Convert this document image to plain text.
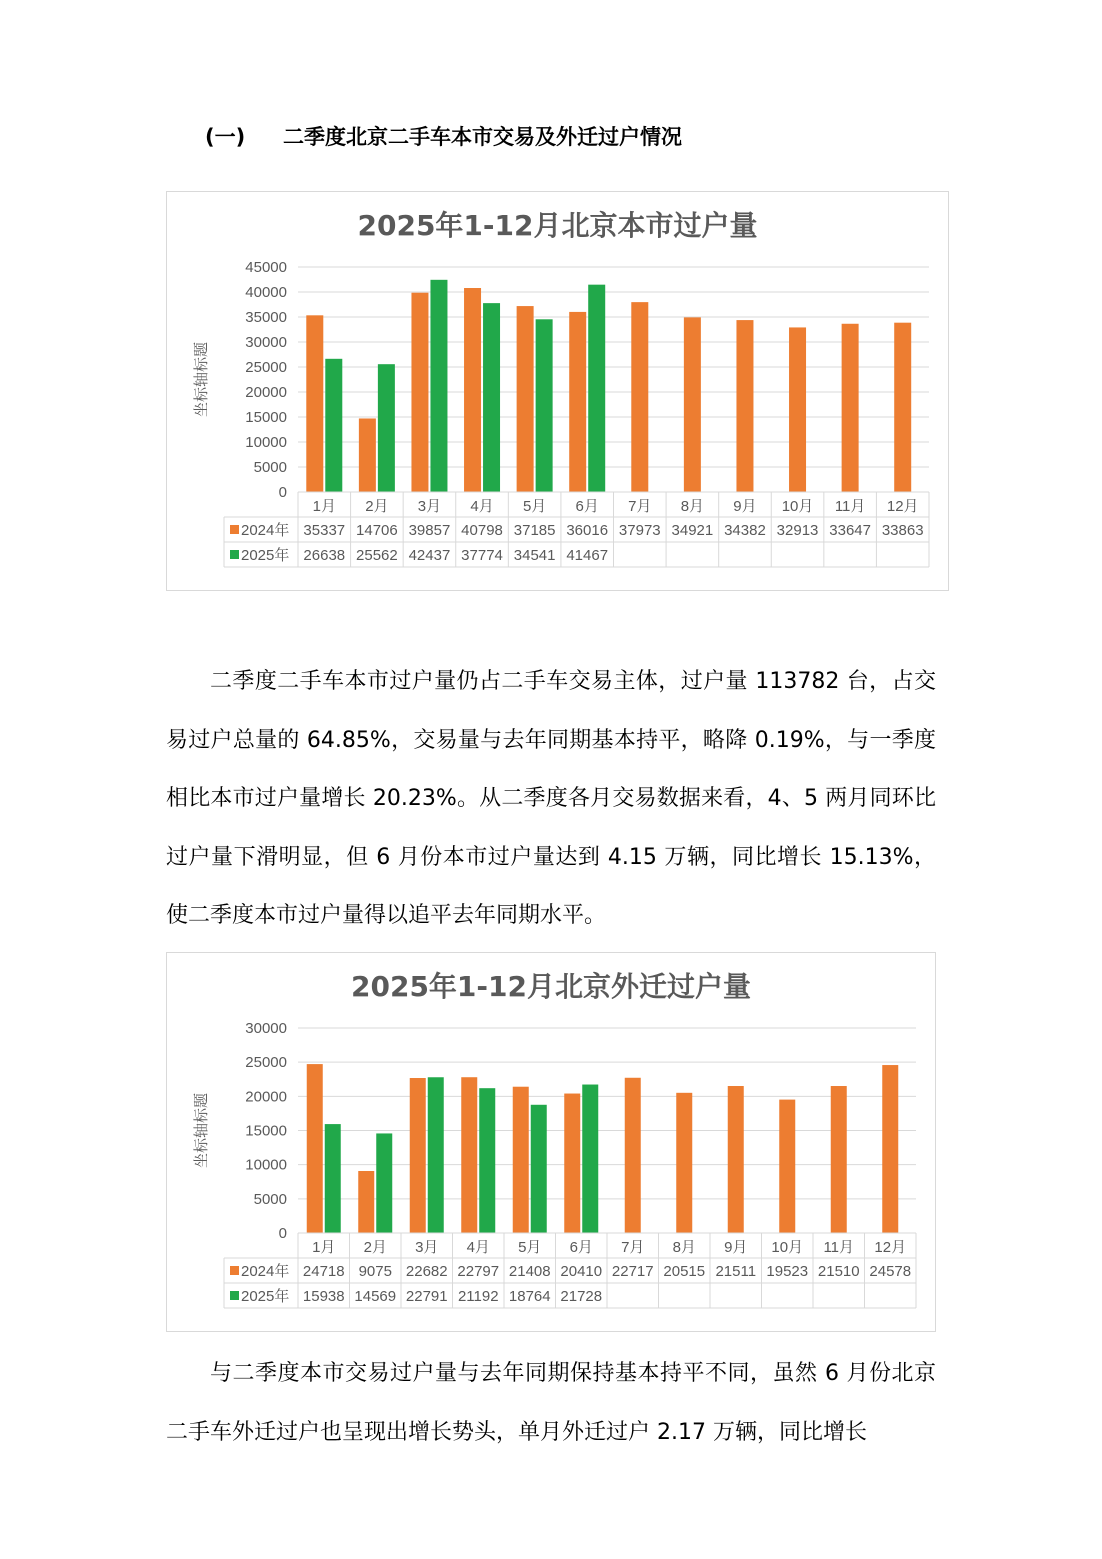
(一) 二季度北京二手车本市交易及外迁过户情况
2025年1-12月北京本市过户量
0
5000
10000
15000
20000
25000
30000
35000
40000
45000
坐标轴标题
1月 2月 3月 4月 5月 6月 7月 8月 9月 10月 11月 12月
2024年 35337 14706 39857 40798 37185 36016 37973 34921 34382 32913 33647 33863
2025年 26638 25562 42437 37774 34541 41467

二季度二手车本市过户量仍占二手车交易主体，过户量 113782 台，占交易过户总量的 64.85%，交易量与去年同期基本持平，略降 0.19%，与一季度相比本市过户量增长 20.23%。从二季度各月交易数据来看，4、5 两月同环比过户量下滑明显，但 6 月份本市过户量达到 4.15 万辆，同比增长 15.13%，使二季度本市过户量得以追平去年同期水平。

2025年1-12月北京外迁过户量
0
5000
10000
15000
20000
25000
30000
坐标轴标题
1月 2月 3月 4月 5月 6月 7月 8月 9月 10月 11月 12月
2024年 24718 9075 22682 22797 21408 20410 22717 20515 21511 19523 21510 24578
2025年 15938 14569 22791 21192 18764 21728

与二季度本市交易过户量与去年同期保持基本持平不同，虽然 6 月份北京二手车外迁过户也呈现出增长势头，单月外迁过户 2.17 万辆，同比增长
